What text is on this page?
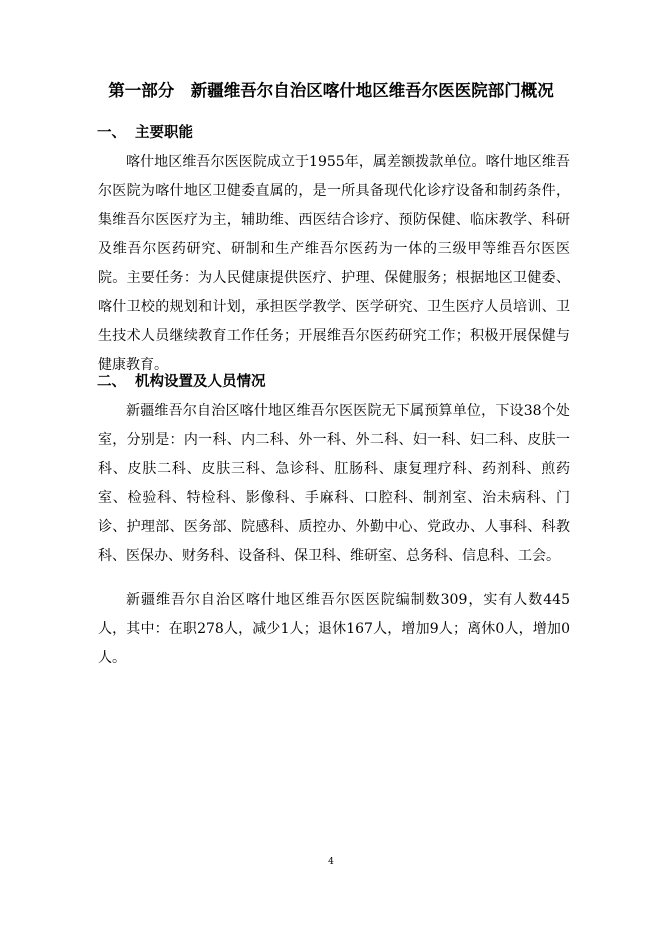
第一部分　新疆维吾尔自治区喀什地区维吾尔医医院部门概况
一、 主要职能

喀什地区维吾尔医医院成立于1955年，属差额拨款单位。喀什地区维吾尔医院为喀什地区卫健委直属的，是一所具备现代化诊疗设备和制药条件，集维吾尔医医疗为主，辅助维、西医结合诊疗、预防保健、临床教学、科研及维吾尔医药研究、研制和生产维吾尔医药为一体的三级甲等维吾尔医医院。主要任务：为人民健康提供医疗、护理、保健服务；根据地区卫健委、喀什卫校的规划和计划，承担医学教学、医学研究、卫生医疗人员培训、卫生技术人员继续教育工作任务；开展维吾尔医药研究工作；积极开展保健与健康教育。

二、 机构设置及人员情况

新疆维吾尔自治区喀什地区维吾尔医医院无下属预算单位，下设38个处室，分别是：内一科、内二科、外一科、外二科、妇一科、妇二科、皮肤一科、皮肤二科、皮肤三科、急诊科、肛肠科、康复理疗科、药剂科、煎药室、检验科、特检科、影像科、手麻科、口腔科、制剂室、治未病科、门诊、护理部、医务部、院感科、质控办、外勤中心、党政办、人事科、科教科、医保办、财务科、设备科、保卫科、维研室、总务科、信息科、工会。

新疆维吾尔自治区喀什地区维吾尔医医院编制数309，实有人数445人，其中：在职278人，减少1人；退休167人，增加9人；离休0人，增加0人。

4
